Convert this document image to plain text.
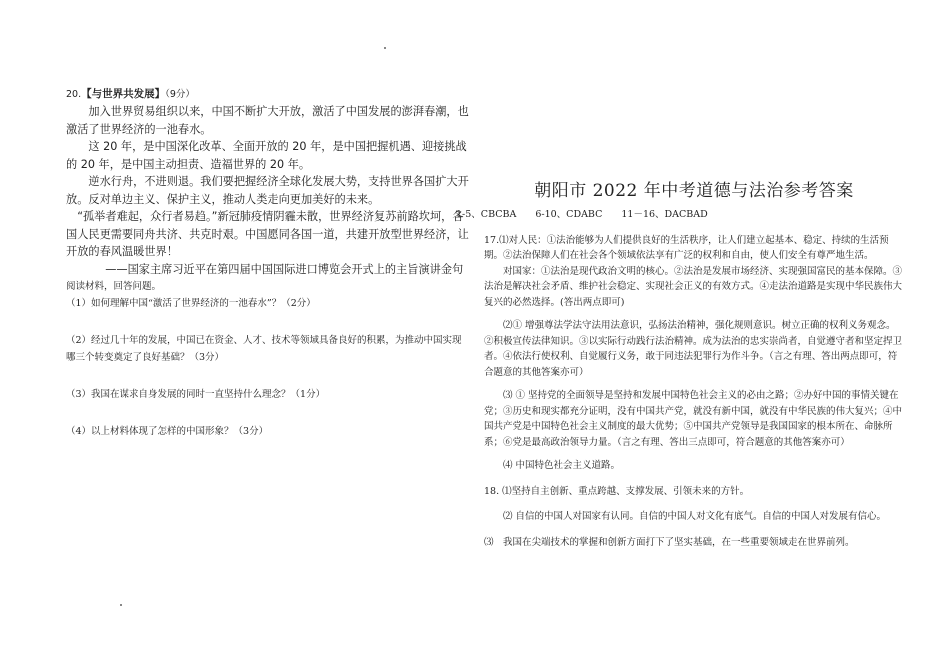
20.【与世界共发展】（9分）

加入世界贸易组织以来，中国不断扩大开放，激活了中国发展的澎湃春潮，也激活了世界经济的一池春水。

这 20 年，是中国深化改革、全面开放的 20 年，是中国把握机遇、迎接挑战的 20 年，是中国主动担责、造福世界的 20 年。

逆水行舟，不进则退。我们要把握经济全球化发展大势，支持世界各国扩大开放。反对单边主义、保护主义，推动人类走向更加美好的未来。

“孤举者难起，众行者易趋。”新冠肺疫情阴霾未散，世界经济复苏前路坎坷，各国人民更需要同舟共济、共克时艰。中国愿同各国一道，共建开放型世界经济，让开放的春风温暖世界！

——国家主席习近平在第四届中国国际进口博览会开式上的主旨演讲金句

阅读材料，回答问题。

（1）如何理解中国“激活了世界经济的一池春水”？（2分）

（2）经过几十年的发展，中国已在资金、人才、技术等领域具备良好的积累，为推动中国实现哪三个转变奠定了良好基础？（3分）

（3）我国在谋求自身发展的同时一直坚持什么理念？（1分）

（4）以上材料体现了怎样的中国形象？（3分）

朝阳市 2022 年中考道德与法治参考答案

1-5、CBCBA　　6-10、CDABC　　11－16、DACBAD

17.⑴对人民：①法治能够为人们提供良好的生活秩序，让人们建立起基本、稳定、持续的生活预期。②法治保障人们在社会各个领域依法享有广泛的权利和自由，使人们安全有尊严地生活。

对国家：①法治是现代政治文明的核心。②法治是发展市场经济、实现强国富民的基本保障。③法治是解决社会矛盾、维护社会稳定、实现社会正义的有效方式。④走法治道路是实现中华民族伟大复兴的必然选择。(答出两点即可)

⑵① 增强尊法学法守法用法意识，弘扬法治精神，强化规则意识。树立正确的权利义务观念。②积极宣传法律知识。③以实际行动践行法治精神。成为法治的忠实崇尚者，自觉遵守者和坚定捍卫者。④依法行使权利、自觉履行义务，敢于同违法犯罪行为作斗争。（言之有理、答出两点即可，符合题意的其他答案亦可）

⑶ ① 坚持党的全面领导是坚持和发展中国特色社会主义的必由之路；②办好中国的事情关键在党；③历史和现实都充分证明，没有中国共产党，就没有新中国，就没有中华民族的伟大复兴；④中国共产党是中国特色社会主义制度的最大优势；⑤中国共产党领导是我国国家的根本所在、命脉所系；⑥党是最高政治领导力量。（言之有理、答出三点即可，符合题意的其他答案亦可）

⑷ 中国特色社会主义道路。

18. ⑴坚持自主创新、重点跨越、支撑发展、引领未来的方针。

⑵ 自信的中国人对国家有认同。自信的中国人对文化有底气。自信的中国人对发展有信心。

⑶　我国在尖端技术的掌握和创新方面打下了坚实基础，在一些重要领域走在世界前列。
